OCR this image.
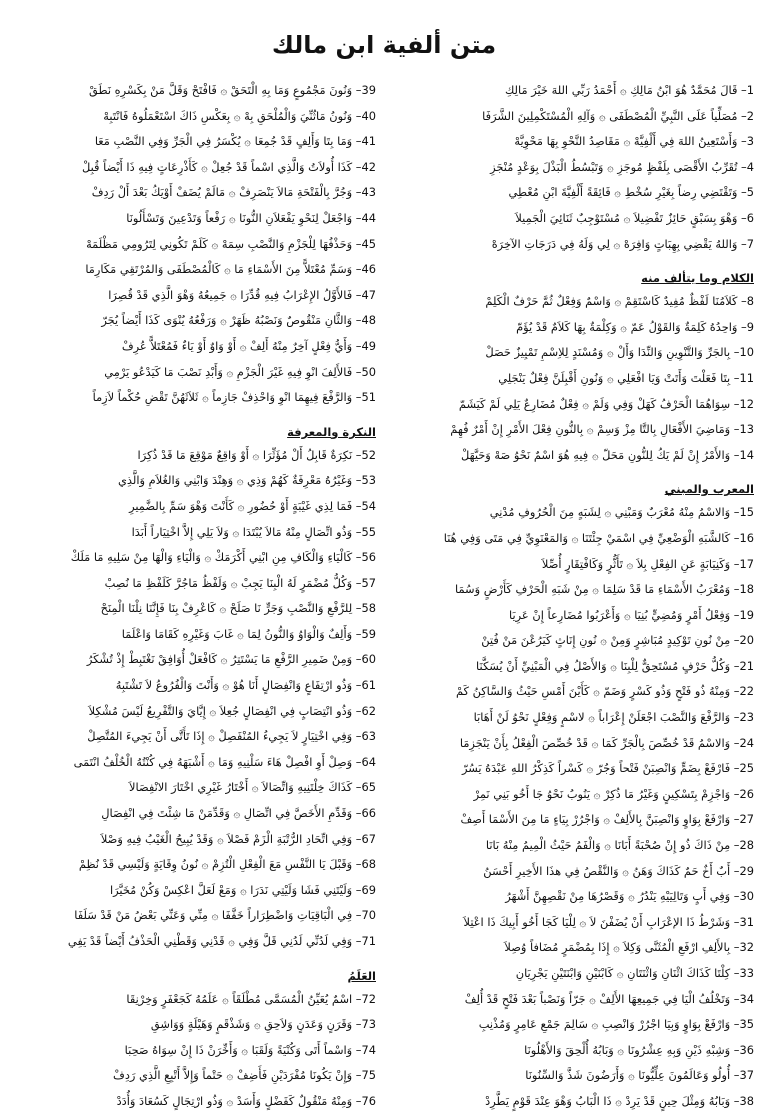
متن ألفية ابن مالك
1– قَالَ مُحَمَّدٌ هُوَ ابْنُ مَالِكِ ۞ أَحْمَدُ رَبِّي اللهَ خَيْرَ مَالِكِ
2– مُصَلِّياً عَلَى النَّبِيِّ الْمُصْطَفَى ۞ وَآلِهِ الْمُسْتَكْمِلِينَ الشَّرَفَا
3– وَأَسْتَعِينُ اللهَ فِي أَلْفِيَّهْ ۞ مَقَاصِدُ النَّحْوِ بِهَا مَحْوِيَّهْ
4– تُقَرِّبُ الأَقْصَى بِلَفْظٍ مُوجَزِ ۞ وَتَبْسُطُ الْبَذْلَ بِوَعْدٍ مُنْجَزِ
5– وَتَقْتَضِي رِضاً بِغَيْرِ سُخْطِ ۞ فَائِقَةً أَلْفِيَّةَ ابْنِ مُعْطِي
6– وَهْوَ بِسَبْقٍ حَائِزٌ تَفْضِيلاَ ۞ مُسْتَوْجِبٌ ثَنَائِيَ الْجَمِيلاَ
7– وَاللهُ يَقْضِي بِهِبَاتٍ وَافِرَهْ ۞ لِي وَلَهُ فِي دَرَجَاتِ الآخِرَهْ
الكلام وما يتألف منه
8– كَلاَمُنَا لَفْظٌ مُفِيدٌ كَاسْتَقِمْ ۞ وَاسْمٌ وَفِعْلٌ ثُمَّ حَرْفٌ الْكَلِمْ
9– وَاحِدُهُ كَلِمَةٌ وَالقَوْلُ عَمّ ۞ وَكِلْمَةٌ بِهَا كَلاَمٌ قَدْ يُؤَمّ
10– بِالجَرِّ وَالتَّنْوِينِ وَالنِّدَا وَأَلْ ۞ وَمُسْنَدٍ لِلاِسْمِ تَمْيِيزٌ حَصَلْ
11– بِتَا فَعَلْتَ وَأَتَتْ وَيَا افْعَلِي ۞ وَنُونِ أَقْبِلَنَّ فِعْلٌ يَنْجَلِي
12– سِوَاهُمَا الْحَرْفُ كَهَلْ وَفِي وَلَمْ ۞ فِعْلٌ مُضَارِعٌ يَلِي لَمْ كَيَشَمّ
13– وَمَاضِيَ الأَفْعَالِ بِالتَّا مِزْ وَسِمْ ۞ بِالنُّونِ فِعْلَ الأَمْرِ إِنْ أَمْرٌ فُهِمْ
14– وَالأَمْرُ إِنْ لَمْ يَكُ لِلنُّونِ مَحَلّ ۞ فِيهِ هُوَ اسْمٌ نَحْوُ صَهْ وَحَيَّهَلْ
المعرب والمبني
15– وَالاسْمُ مِنْهُ مُعْرَبٌ وَمَبْنِي ۞ لِشَبَهٍ مِنَ الْحُرُوفِ مُدْنِي
16– كَالشَّبَهِ الْوَضْعِيِّ فِي اسْمَيْ جِئْتَنَا ۞ وَالمَعْنَوِيِّ فِي مَتَى وَفِي هُنَا
17– وَكَنِيَابَةٍ عَنِ الفِعْلِ بِلاَ ۞ تَأَثُّرٍ وَكَافْتِقَارٍ أُصِّلاَ
18– وَمُعْرَبُ الأَسْمَاءِ مَا قَدْ سَلِمَا ۞ مِنْ شَبَهِ الْحَرْفِ كَأَرْضٍ وَسُمَا
19– وَفِعْلُ أَمْرٍ وَمُضِيٍّ بُنِيَا ۞ وَأَعْرَبُوا مُضَارِعاً إِنْ عَرِيَا
20– مِنْ نُونِ تَوْكِيدٍ مُبَاشِرٍ وَمِنْ ۞ نُونِ إِنَاثٍ كَيَرُعْنَ مَنْ فُتِنْ
21– وَكُلُّ حَرْفٍ مُسْتَحِقٌّ لِلْبِنَا ۞ وَالأَصْلُ فِي الْمَبْنِيِّ أَنْ يُسَكَّنَا
22– وَمِنْهُ ذُو فَتْحٍ وَذُو كَسْرٍ وَضَمّ ۞ كَأَيْنَ أَمْسِ حَيْثُ وَالسَّاكِنُ كَمْ
23– وَالرَّفْعَ وَالنَّصْبَ اجْعَلَنْ إِعْرَاباً ۞ لاسْمٍ وَفِعْلٍ نَحْوُ لَنْ أَهَابَا
24– وَالاسْمُ قَدْ خُصِّصَ بِالْجَرِّ كَمَا ۞ قَدْ خُصِّصَ الْفِعْلُ بِأَنْ يَنْجَزِمَا
25– فَارْفَعْ بِضَمٍّ وَانْصِبَنْ فَتْحاً وَجُرّ ۞ كَسْراً كَذِكْرُ اللهِ عَبْدَهُ يَسُرّ
26– وَاجْزِمْ بِتَسْكِينٍ وَغَيْرُ مَا ذُكِرْ ۞ يَنُوبُ نَحْوُ جَا أَخُو بَنِي نَمِرْ
27– وَارْفَعْ بِوَاوٍ وَانْصِبَنَّ بِالأَلِفْ ۞ وَاجْرُرْ بِيَاءٍ مَا مِنَ الأَسْمَا أَصِفْ
28– مِنْ ذَاكَ ذُو إِنْ صُحْبَةً أَبَانَا ۞ وَالْفَمُ حَيْثُ الْمِيمُ مِنْهُ بَانَا
29– أَبٌ أَخٌ حَمٌ كَذَاكَ وَهَنُ ۞ وَالنَّقْصُ فِي هذَا الأَخِيرِ أَحْسَنُ
30– وَفِي أَبٍ وَتَالِيَيْهِ يَنْدُرُ ۞ وَقَصْرُهَا مِنْ نَقْصِهِنَّ أَشْهَرُ
31– وَشَرْطُ ذَا الإعْرَابِ أَنْ يُضَفْنَ لاَ ۞ لِلْيَا كَجَا أَخُو أَبِيكَ ذَا اعْتِلاَ
32– بِالأَلِفِ ارْفَعِ الْمُثَنَّى وَكِلاَ ۞ إِذَا بِمُضْمَرٍ مُضَافاً وُصِلاَ
33– كِلْتَا كَذَاكَ اثْنَانِ وَاثْنَتَانِ ۞ كَابْنَيْنِ وَابْنَتَيْنِ يَجْرِيَانِ
34– وَتَخْلُفُ الْيَا فِي جَمِيعِهَا الأَلِفْ ۞ جَرّاً وَنَصْباً بَعْدَ فَتْحٍ قَدْ أُلِفْ
35– وَارْفَعْ بِوَاوٍ وَبِيَا اجْرُرْ وَانْصِبِ ۞ سَالِمَ جَمْعِ عَامِرٍ وَمُذْنِبِ
36– وَشِبْهِ ذَيْنِ وَبِهِ عِشْرُونَا ۞ وَبَابُهُ أُلْحِقَ وَالأَهْلُونَا
37– أُولُو وَعَالَمُونَ عِلِّيُّونَا ۞ وَأَرَضُونَ شَذَّ وَالسِّنُونَا
38– وَبَابُهُ وَمِثْلَ حِينٍ قَدْ يَرِدْ ۞ ذَا الْبَابُ وَهْوَ عِنْدَ قَوْمٍ يَطَّرِدْ
39– وَنُونَ مَجْمُوعٍ وَمَا بِهِ الْتَحَقْ ۞ فَافْتَحْ وَقَلَّ مَنْ بِكَسْرِهِ نَطَقْ
40– وَنُونُ مَاثُنِّيَ وَالْمُلْحَقِ بِهْ ۞ بِعَكْسِ ذَاكَ اسْتَعْمَلُوهُ فَانْتَبِهْ
41– وَمَا بِتَا وَأَلِفٍ قَدْ جُمِعَا ۞ يُكْسَرُ فِي الْجَرِّ وَفِي النَّصْبِ مَعَا
42– كَذَا أُولاَتُ وَالَّذِي اسْماً قَدْ جُعِلْ ۞ كَأَذْرِعَاتٍ فِيهِ ذَا أَيْضاً قُبِلْ
43– وَجُرَّ بِالْفَتْحَةِ مَالاَ يَنْصَرِفْ ۞ مَالَمْ يُضَفْ أَوْيَكُ بَعْدَ أَلْ رَدِفْ
44– وَاجْعَلْ لِنَحْوِ يَفْعَلاَنِ النُّونَا ۞ رَفْعاً وَتَدْعِينَ وَتَسْأَلُونَا
45– وَحَذْفُهَا لِلْجَزْمِ وَالنَّصْبِ سِمَهْ ۞ كَلَمْ تَكُونِي لِتَرُومِي مَظْلَمَهْ
46– وَسَمِّ مُعْتَلاًّ مِنَ الأَسْمَاءِ مَا ۞ كَالْمُصْطَفَى وَالمُرْتَقِي مَكَارِمَا
47– فَالأَوَّلُ الإِعْرَابُ فِيهِ قُدِّرَا ۞ جَمِيعُهُ وَهْوَ الَّذِي قَدْ قُصِرَا
48– وَالثَّانِ مَنْقُوصٌ وَنَصْبُهُ ظَهَرْ ۞ وَرَفْعُهُ يُنْوَى كَذَا أَيْضاً يُجَرّ
49– وَأَيُّ فِعْلٍ آخِرٌ مِنْهُ أَلِفْ ۞ أَوْ وَاوٌ أَوْ يَاءٌ فَمُعْتَلاًّ عُرِفْ
50– فَالأَلِفَ انْوِ فِيهِ غَيْرَ الْجَزْمِ ۞ وَأَبْدِ نَصْبَ مَا كَيَدْعُو يَرْمِي
51– وَالرَّفْعَ فِيهِمَا انْوِ وَاحْذِفْ جَازِماً ۞ ثَلاَثَهُنَّ تَقْضِ حُكْماً لاَزِماً
النكرة والمعرفة
52– نَكِرَةٌ قَابِلُ أَلْ مُؤَثِّرَا ۞ أَوْ وَاقِعٌ مَوْقِعَ مَا قَدْ ذُكِرَا
53– وَغَيْرُهُ مَعْرِفَةٌ كَهُمْ وَذِي ۞ وَهِنْدَ وَابْنِي وَالغُلاَمِ وَالَّذِي
54– فَمَا لِذِي غَيْبَةٍ أَوْ حُضُورِ ۞ كَأَنْتَ وَهْوَ سَمِّ بِالضَّمِيرِ
55– وَذُو اتِّصَالٍ مِنْهُ مَالاَ يُبْتَدَا ۞ وَلاَ يَلِي إِلاَّ اخْتِيَاراً أَبَدَا
56– كَالْيَاءِ وَالْكَافِ مِنِ ابْنِي أَكْرَمَكْ ۞ وَالْيَاءِ وَالْهَا مِنْ سَلِيهِ مَا مَلَكْ
57– وَكُلُّ مُضْمَرٍ لَهُ الْبِنَا يَجِبْ ۞ وَلَفْظُ مَاجُرَّ كَلَفْظِ مَا نُصِبْ
58– لِلرَّفْعِ وَالنَّصْبِ وَجَرٍّ نَا صَلَحْ ۞ كَاعْرِفْ بِنَا فَإِنَّنَا نِلْنَا الْمِنَحْ
59– وَأَلِفٌ وَالْوَاوُ وَالنُّونُ لِمَا ۞ غَابَ وَغَيْرِهِ كَقَامَا وَاعْلَمَا
60– وَمِنْ ضَمِيرِ الرَّفْعِ مَا يَسْتَتِرُ ۞ كَافْعَلْ أُوَافِقْ نَغْتَبِطْ إِذْ تُشْكَرُ
61– وَذُو ارْتِفَاعٍ وَانْفِصَالٍ أَنَا هُوْ ۞ وَأَنْتَ وَالْفُرُوعُ لاَ تَشْتَبِهُ
62– وَذُو انْتِصَابٍ فِي انْفِصَالٍ جُعِلاَ ۞ إِيَّايَ وَالتَّفْرِيعُ لَيْسَ مُشْكِلاَ
63– وَفِي اخْتِيَارٍ لاَ يَجِيءُ المُنْفَصِلْ ۞ إِذَا تَأَتَّى أَنْ يَجِيءَ المُتَّصِلْ
64– وَصِلْ أَوِ افْصِلْ هَاءَ سَلْنِيهِ وَمَا ۞ أَشْبَهَهُ فِي كُنْتُهُ الْخُلْفُ انْتَمَى
65– كَذَاكَ خِلْتَنِيهِ وَاتِّصَالاَ ۞ أَخْتَارُ غَيْرِي اخْتَارَ الانْفِصَالاَ
66– وَقَدِّمِ الأَخَصَّ فِي اتِّصَالِ ۞ وَقَدِّمَنْ مَا شِئْتَ فِي انْفِصَالِ
67– وَفِي اتِّحَادِ الرُّتْبَةِ الْزَمْ فَصْلاَ ۞ وَقَدْ يُبِيحُ الْغَيْبُ فِيهِ وَصْلاَ
68– وَقَبْلَ يَا النَّفْسِ مَعَ الْفِعْلِ الْتُزِمْ ۞ نُونُ وِقَايَةٍ وَلَيْسِي قَدْ نُظِمْ
69– وَلَيْتَنِي فَشَا وَلَيْتِي نَدَرَا ۞ وَمَعْ لَعَلَّ اعْكِسْ وَكُنْ مُخَيَّرَا
70– فِي الْبَاقِيَاتِ وَاضْطِرَاراً خَفَّفَا ۞ مِنِّي وَعَنِّي بَعْضُ مَنْ قَدْ سَلَفَا
71– وَفِي لَدُنِّي لَدُنِي قَلَّ وَفِي ۞ قَدْنِي وَقَطْنِي الْحَذْفُ أَيْضاً قَدْ يَفِي
العَلَمُ
72– اسْمٌ يُعَيِّنُ الْمُسَمَّى مُطْلَقَاً ۞ عَلَمُهُ كَجَعْفَرٍ وَخِرْنِقَا
73– وَقَرَنٍ وَعَدَنٍ وَلاَحِقِ ۞ وَشَذْقَمٍ وَهَيْلَةٍ وَوَاشِقِ
74– وَاسْماً أَتَى وَكُنْيَةً وَلَقَبَا ۞ وَأَخِّرَنْ ذَا إِنْ سِوَاهُ صَحِبَا
75– وَإِنْ يَكُونَا مُفْرَدَيْنِ فَأَضِفْ ۞ حَتْماً وَإِلاَّ أَتْبِعِ الَّذِي رَدِفْ
76– وَمِنْهُ مَنْقُولٌ كَفَضْلٍ وَأَسَدْ ۞ وَذُو ارْتِجَالٍ كَسُعَادَ وَأُدَدْ
